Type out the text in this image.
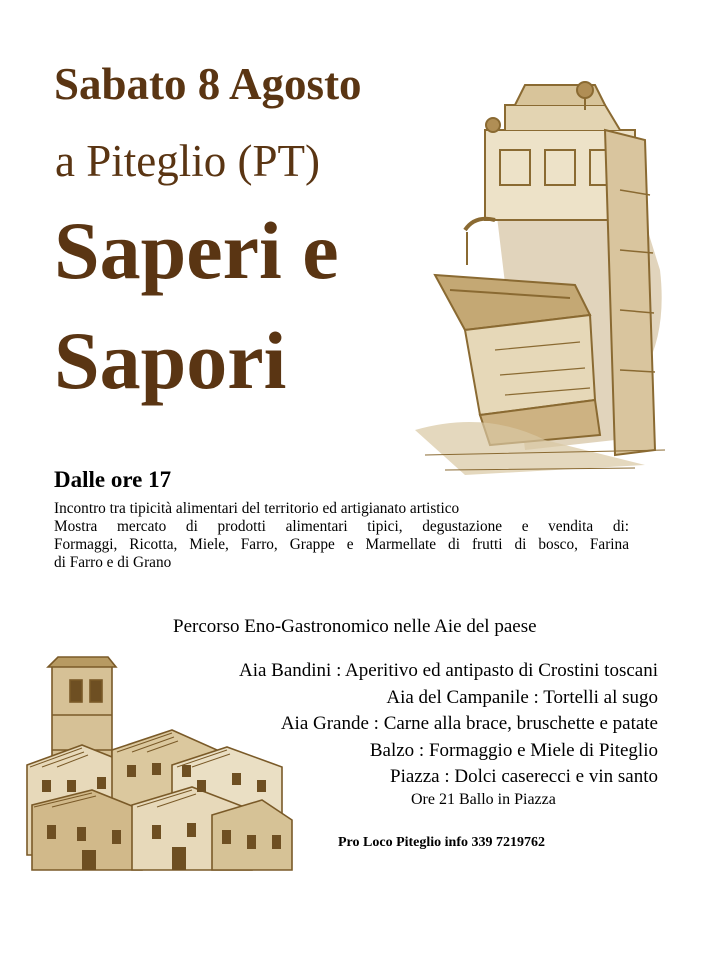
Sabato 8 Agosto
a Piteglio (PT)
Saperi e
Sapori
Dalle ore 17

Incontro tra tipicità alimentari del territorio ed artigianato artistico

Mostra mercato di prodotti alimentari tipici, degustazione e vendita di:

Formaggi, Ricotta, Miele, Farro, Grappe e Marmellate di frutti di bosco, Farina

di Farro e di Grano

Percorso Eno-Gastronomico nelle Aie del paese
Aia Bandini : Aperitivo ed antipasto di Crostini toscani
Aia del Campanile : Tortelli al sugo
Aia Grande : Carne alla brace, bruschette e patate
Balzo : Formaggio e Miele di Piteglio
Piazza : Dolci caserecci e vin santo
Ore 21 Ballo in Piazza
Pro Loco Piteglio info 339 7219762
